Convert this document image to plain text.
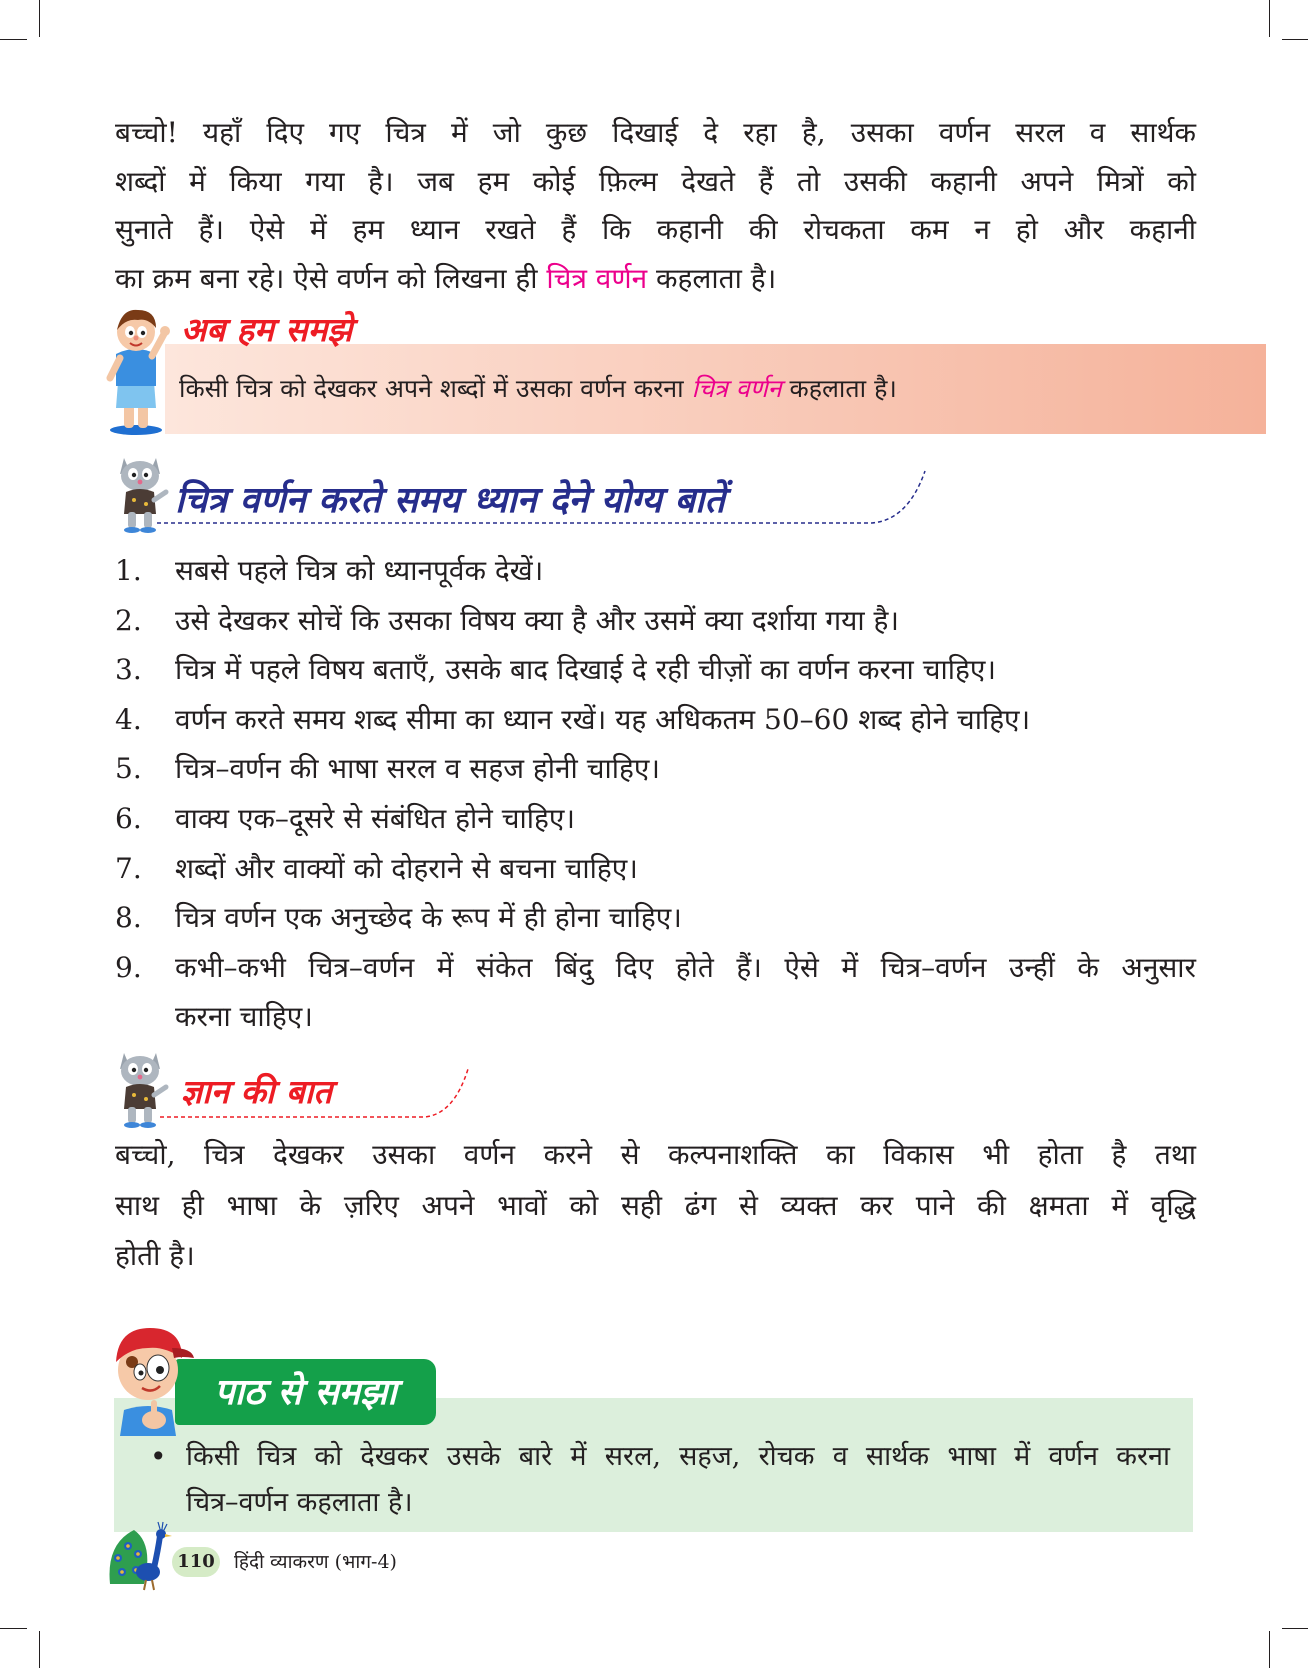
बच्चो! यहाँ दिए गए चित्र में जो कुछ दिखाई दे रहा है, उसका वर्णन सरल व सार्थक
शब्दों में किया गया है। जब हम कोई फ़िल्म देखते हैं तो उसकी कहानी अपने मित्रों को
सुनाते हैं। ऐसे में हम ध्यान रखते हैं कि कहानी की रोचकता कम न हो और कहानी
का क्रम बना रहे। ऐसे वर्णन को लिखना ही चित्र वर्णन कहलाता है।
किसी चित्र को देखकर अपने शब्दों में उसका वर्णन करना चित्र वर्णन कहलाता है।
अब हम समझे
चित्र वर्णन करते समय ध्यान देने योग्य बातें
1.	सबसे पहले चित्र को ध्यानपूर्वक देखें।
2.	उसे देखकर सोचें कि उसका विषय क्या है और उसमें क्या दर्शाया गया है।
3.	चित्र में पहले विषय बताएँ, उसके बाद दिखाई दे रही चीज़ों का वर्णन करना चाहिए।
4.	वर्णन करते समय शब्द सीमा का ध्यान रखें। यह अधिकतम 50–60 शब्द होने चाहिए।
5.	चित्र–वर्णन की भाषा सरल व सहज होनी चाहिए।
6.	वाक्य एक–दूसरे से संबंधित होने चाहिए।
7.	शब्दों और वाक्यों को दोहराने से बचना चाहिए।
8.	चित्र वर्णन एक अनुच्छेद के रूप में ही होना चाहिए।
9.	कभी–कभी चित्र–वर्णन में संकेत बिंदु दिए होते हैं। ऐसे में चित्र–वर्णन उन्हीं के अनुसार
करना चाहिए।
ज्ञान की बात
बच्चो, चित्र देखकर उसका वर्णन करने से कल्पनाशक्ति का विकास भी होता है तथा
साथ ही भाषा के ज़रिए अपने भावों को सही ढंग से व्यक्त कर पाने की क्षमता में वृद्धि
होती है।
पाठ से समझा
• किसी चित्र को देखकर उसके बारे में सरल, सहज, रोचक व सार्थक भाषा में वर्णन करना
चित्र–वर्णन कहलाता है।
110 हिंदी व्याकरण (भाग-4)
